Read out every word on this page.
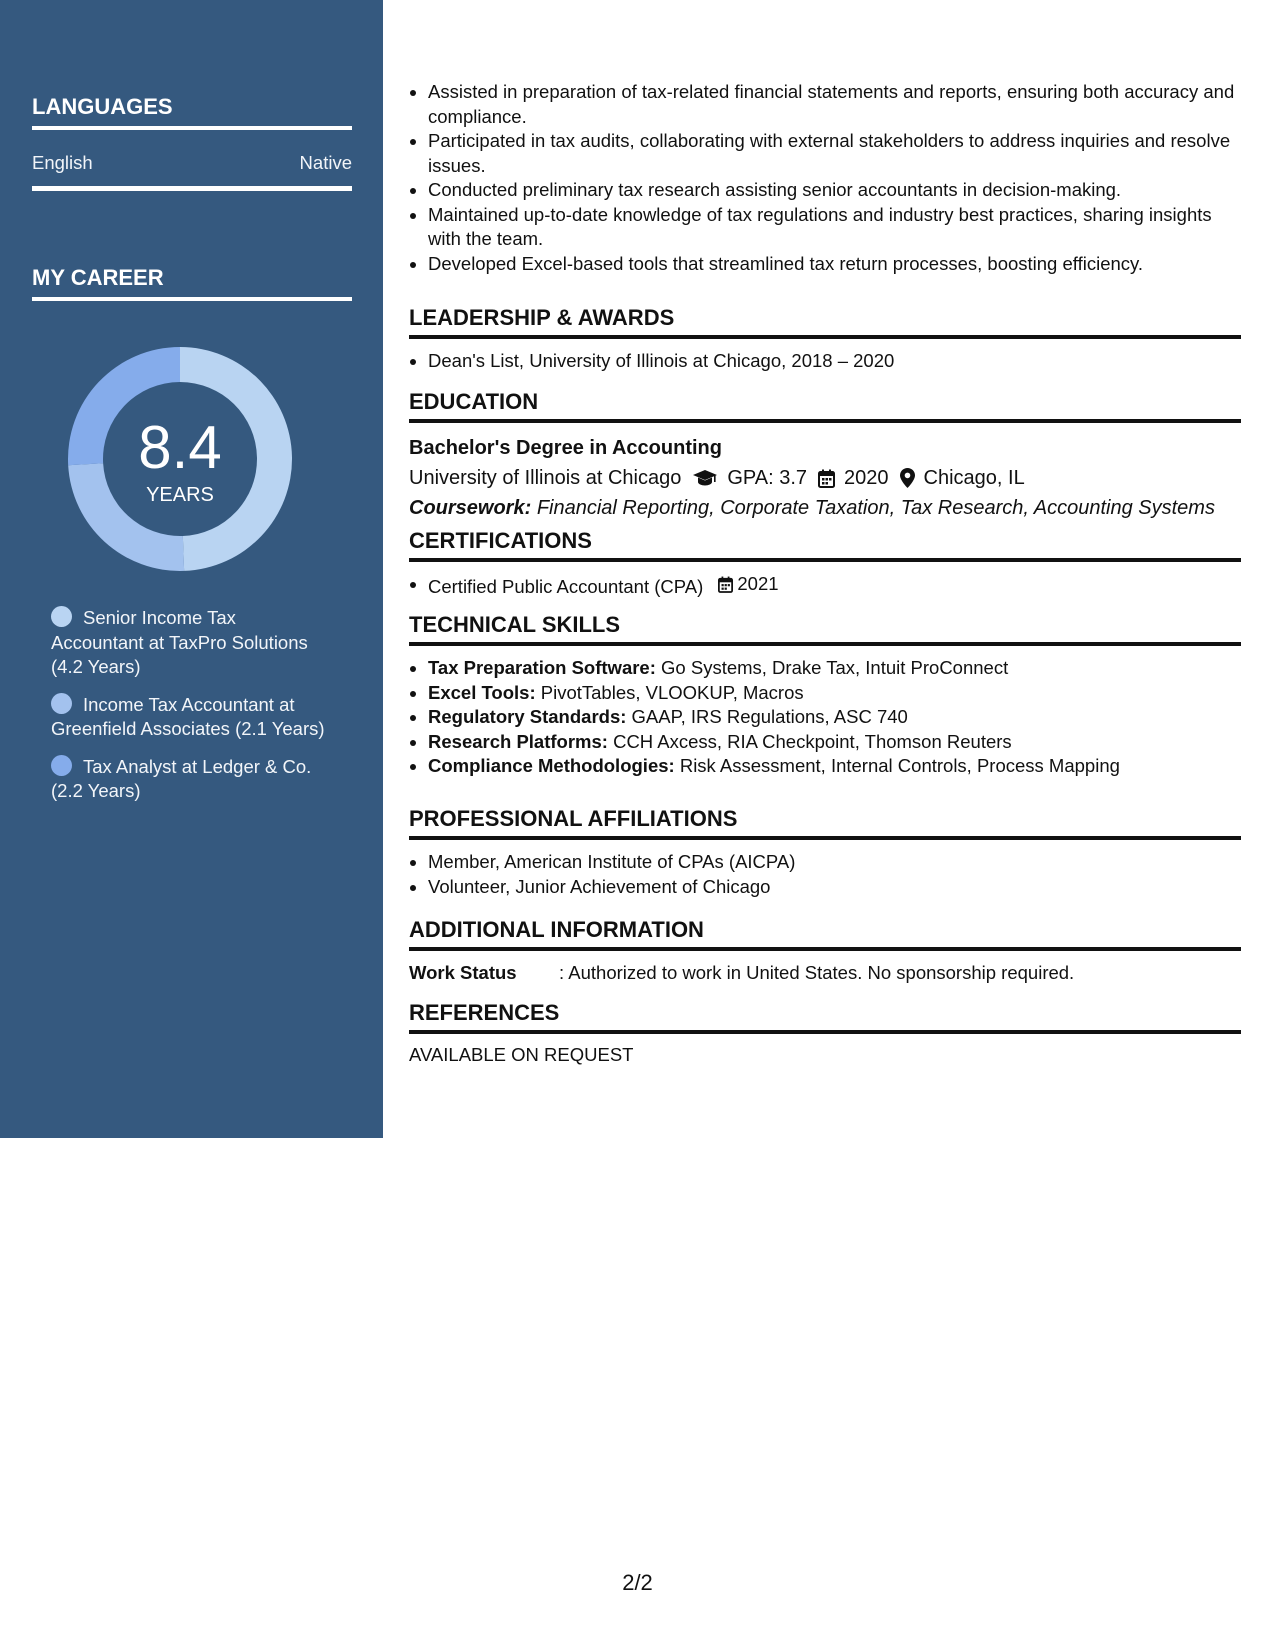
LANGUAGES
English	Native
MY CAREER
8.4
YEARS
Senior Income Tax Accountant at TaxPro Solutions (4.2 Years)
Income Tax Accountant at Greenfield Associates (2.1 Years)
Tax Analyst at Ledger & Co. (2.2 Years)
Assisted in preparation of tax-related financial statements and reports, ensuring both accuracy and compliance.
Participated in tax audits, collaborating with external stakeholders to address inquiries and resolve issues.
Conducted preliminary tax research assisting senior accountants in decision-making.
Maintained up-to-date knowledge of tax regulations and industry best practices, sharing insights with the team.
Developed Excel-based tools that streamlined tax return processes, boosting efficiency.
LEADERSHIP & AWARDS
Dean's List, University of Illinois at Chicago, 2018 – 2020
EDUCATION
Bachelor's Degree in Accounting
University of Illinois at Chicago GPA: 3.7 2020 Chicago, IL
Coursework: Financial Reporting, Corporate Taxation, Tax Research, Accounting Systems
CERTIFICATIONS
Certified Public Accountant (CPA) 2021
TECHNICAL SKILLS
Tax Preparation Software: Go Systems, Drake Tax, Intuit ProConnect
Excel Tools: PivotTables, VLOOKUP, Macros
Regulatory Standards: GAAP, IRS Regulations, ASC 740
Research Platforms: CCH Axcess, RIA Checkpoint, Thomson Reuters
Compliance Methodologies: Risk Assessment, Internal Controls, Process Mapping
PROFESSIONAL AFFILIATIONS
Member, American Institute of CPAs (AICPA)
Volunteer, Junior Achievement of Chicago
ADDITIONAL INFORMATION
Work Status	: Authorized to work in United States. No sponsorship required.
REFERENCES
AVAILABLE ON REQUEST
2/2
